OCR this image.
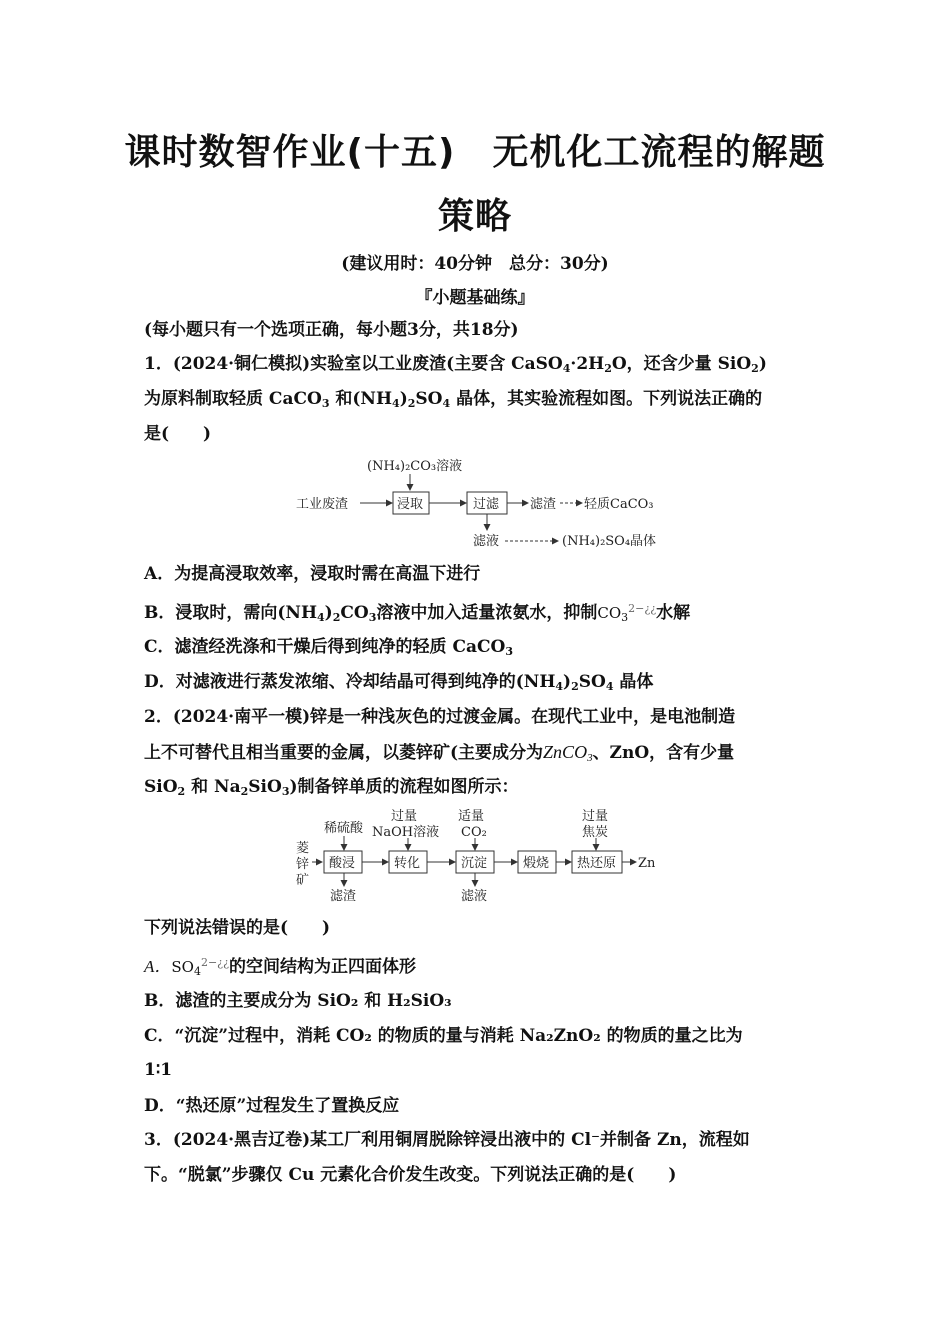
课时数智作业(十五)　无机化工流程的解题
策略
(建议用时：40分钟　总分：30分)
『小题基础练』
(每小题只有一个选项正确，每小题3分，共18分)
1．(2024·铜仁模拟)实验室以工业废渣(主要含 $CaSO_4\cdot 2H_2O$，还含少量 SiO$_2$)
为原料制取轻质 CaCO$_3$ 和$(NH_4)_2SO_4$ 晶体，其实验流程如图。下列说法正确的
是(　　)
(NH₄)₂CO₃溶液
工业废渣	浸取	过滤 滤渣 轻质CaCO₃
滤液	(NH₄)₂SO₄晶体
A．为提高浸取效率，浸取时需在高温下进行
B．浸取时，需向$(NH_4)_2CO_3$溶液中加入适量浓氨水，抑制$CO_3^{2-¿¿}$水解
C．滤渣经洗涤和干燥后得到纯净的轻质 CaCO$_3$
D．对滤液进行蒸发浓缩、冷却结晶可得到纯净的$(NH_4)_2SO_4$ 晶体
2．(2024·南平一模)锌是一种浅灰色的过渡金属。在现代工业中，是电池制造
上不可替代且相当重要的金属，以菱锌矿(主要成分为ZnCO$_3$、ZnO，含有少量
SiO$_2$ 和 $Na_2SiO_3$)制备锌单质的流程如图所示：
菱
锌
矿
菱锌矿
稀硫酸
酸浸
滤渣
过量
NaOH溶液
转化
适量
CO₂
沉淀
滤液
煅烧
过量
焦炭
热还原 Zn
下列说法错误的是(　　)
A．$SO_4^{2-¿¿}$的空间结构为正四面体形
B．滤渣的主要成分为 SiO₂ 和 H₂SiO₃
C．“沉淀”过程中，消耗 CO₂ 的物质的量与消耗 Na₂ZnO₂ 的物质的量之比为
1∶1
D．“热还原”过程发生了置换反应
3．(2024·黑吉辽卷)某工厂利用铜屑脱除锌浸出液中的 Cl⁻并制备 Zn，流程如
下。“脱氯”步骤仅 Cu 元素化合价发生改变。下列说法正确的是(　　)
